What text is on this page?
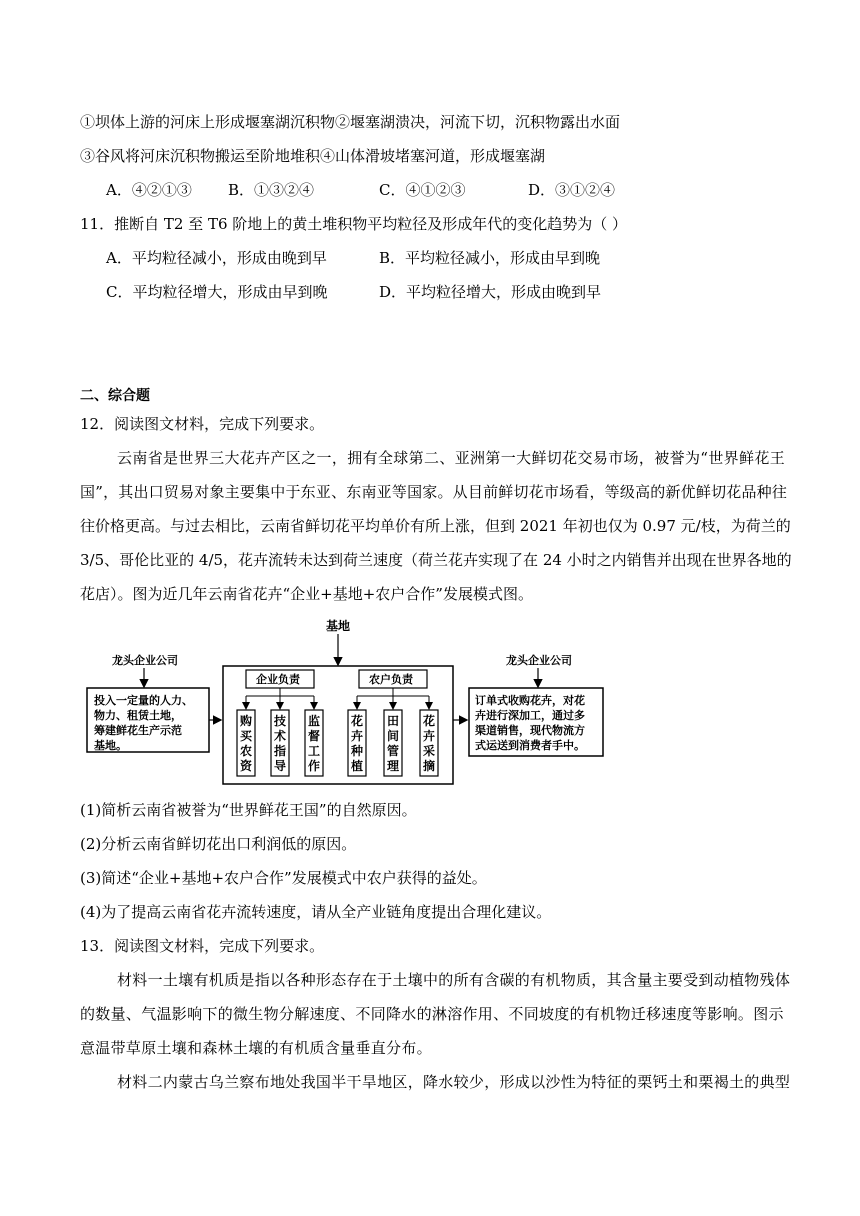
①坝体上游的河床上形成堰塞湖沉积物②堰塞湖溃决，河流下切，沉积物露出水面
③谷风将河床沉积物搬运至阶地堆积④山体滑坡堵塞河道，形成堰塞湖
A．④②①③ B．①③②④	C．④①②③	D．③①②④
11．推断自 T2 至 T6 阶地上的黄土堆积物平均粒径及形成年代的变化趋势为（ ）
A．平均粒径减小，形成由晚到早	B．平均粒径减小，形成由早到晚
C．平均粒径增大，形成由早到晚	D．平均粒径增大，形成由晚到早
二、综合题
12．阅读图文材料，完成下列要求。
云南省是世界三大花卉产区之一，拥有全球第二、亚洲第一大鲜切花交易市场，被誉为“世界鲜花王
国”，其出口贸易对象主要集中于东亚、东南亚等国家。从目前鲜切花市场看，等级高的新优鲜切花品种往
往价格更高。与过去相比，云南省鲜切花平均单价有所上涨，但到 2021 年初也仅为 0.97 元/枝，为荷兰的
3/5、哥伦比亚的 4/5，花卉流转未达到荷兰速度（荷兰花卉实现了在 24 小时之内销售并出现在世界各地的
花店）。图为近几年云南省花卉“企业+基地+农户合作”发展模式图。
基地
龙头企业公司
投入一定量的人力、
物力、租赁土地，
筹建鲜花生产示范
基地。
企业负责	农户负责
购
买
农
资
技
术
指
导
监
督
工
作
花
卉
种
植
田
间
管
理
花
卉
采
摘
龙头企业公司
订单式收购花卉，对花
卉进行深加工，通过多
渠道销售，现代物流方
式运送到消费者手中。
(1)简析云南省被誉为“世界鲜花王国”的自然原因。
(2)分析云南省鲜切花出口利润低的原因。
(3)简述“企业+基地+农户合作”发展模式中农户获得的益处。
(4)为了提高云南省花卉流转速度，请从全产业链角度提出合理化建议。
13．阅读图文材料，完成下列要求。
材料一土壤有机质是指以各种形态存在于土壤中的所有含碳的有机物质，其含量主要受到动植物残体
的数量、气温影响下的微生物分解速度、不同降水的淋溶作用、不同坡度的有机物迁移速度等影响。图示
意温带草原土壤和森林土壤的有机质含量垂直分布。
材料二内蒙古乌兰察布地处我国半干旱地区，降水较少，形成以沙性为特征的栗钙土和栗褐土的典型
